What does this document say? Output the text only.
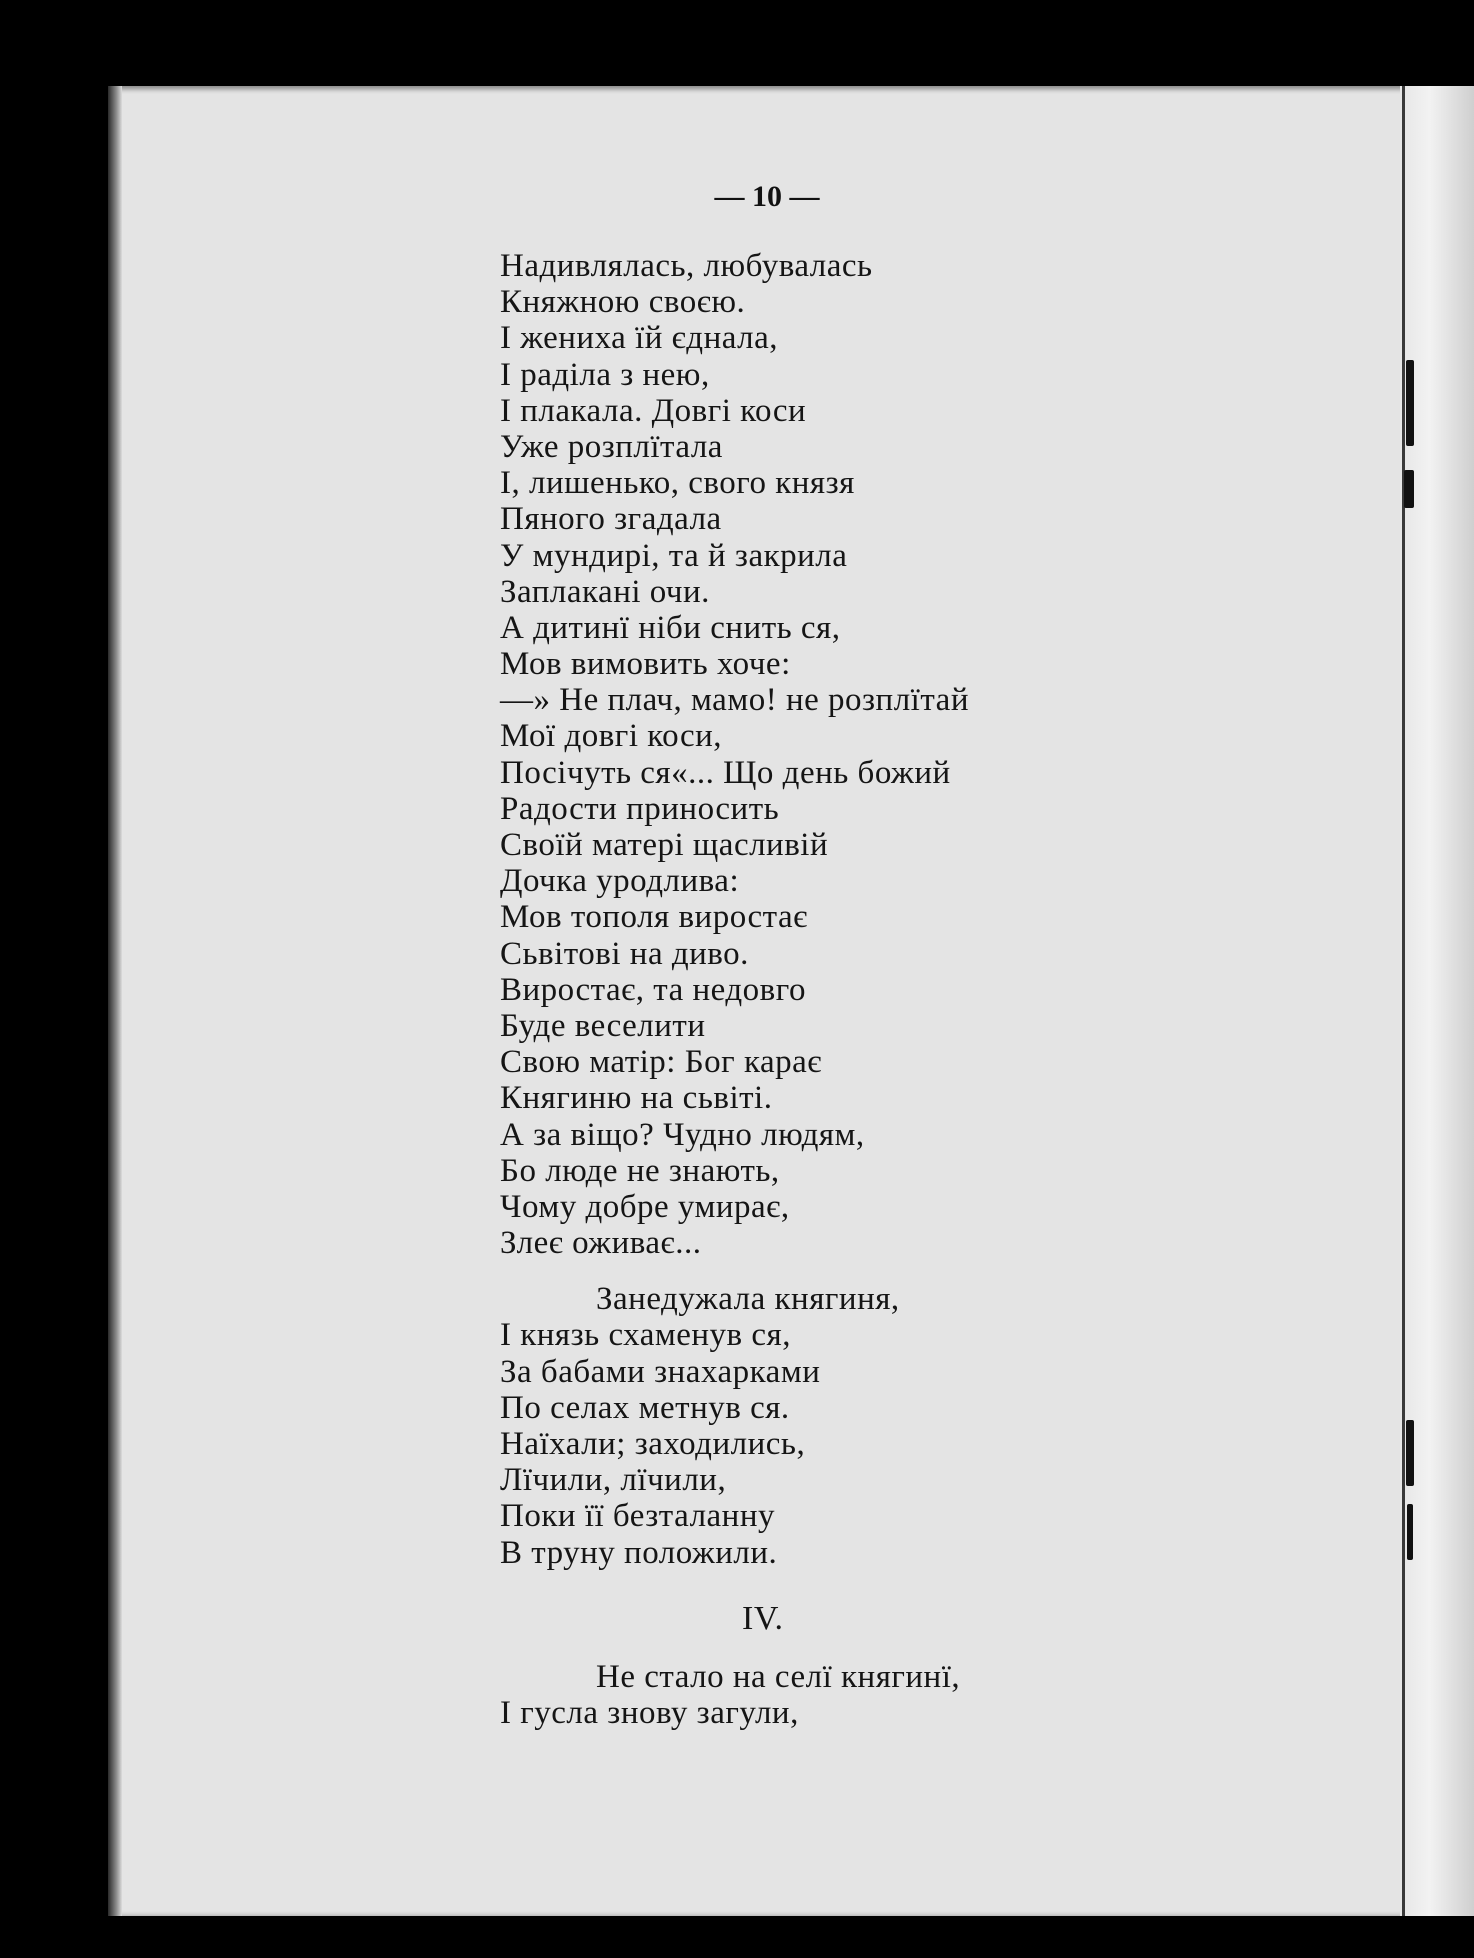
— 10 —
Надивлялась, любувалась
Княжною своєю.
І жениха їй єднала,
І раділа з нею,
І плакала. Довгі коси
Уже розплїтала
І, лишенько, свого князя
Пяного згадала
У мундирі, та й закрила
Заплакані очи.
А дитинї ніби снить ся,
Мов вимовить хоче:
—» Не плач, мамо! не розплїтай
Мої довгі коси,
Посічуть ся«... Що день божий
Радости приносить
Своїй матері щасливій
Дочка уродлива:
Мов тополя виростає
Сьвітові на диво.
Виростає, та недовго
Буде веселити
Свою матір: Бог карає
Княгиню на сьвіті.
А за віщо? Чудно людям,
Бо люде не знають,
Чому добре умирає,
Злеє оживає...
Занедужала княгиня,
І князь схаменув ся,
За бабами знахарками
По селах метнув ся.
Наїхали; заходились,
Лїчили, лїчили,
Поки її безталанну
В труну положили.
IV.
Не стало на селї княгинї,
І гусла знову загули,
